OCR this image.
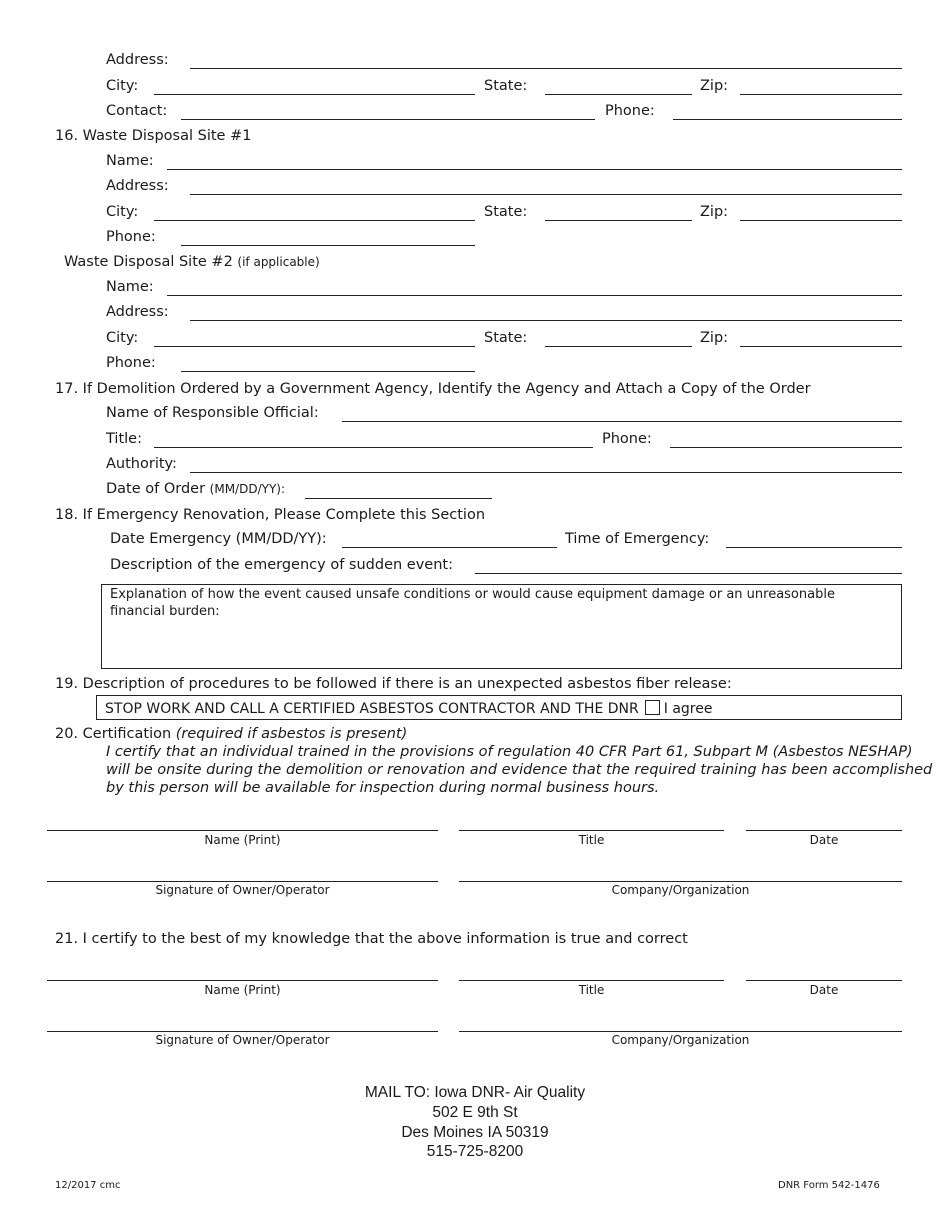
Address:
City:	State:	Zip:
Contact:	Phone:
16. Waste Disposal Site #1
Name:
Address:
City:	State:	Zip:
Phone:
Waste Disposal Site #2 (if applicable)
Name:
Address:
City:	State:	Zip:
Phone:
17. If Demolition Ordered by a Government Agency, Identify the Agency and Attach a Copy of the Order
Name of Responsible Official:
Title:	Phone:
Authority:
Date of Order (MM/DD/YY):
18. If Emergency Renovation, Please Complete this Section
Date Emergency (MM/DD/YY):	Time of Emergency:
Description of the emergency of sudden event:
Explanation of how the event caused unsafe conditions or would cause equipment damage or an unreasonable
financial burden:
19. Description of procedures to be followed if there is an unexpected asbestos fiber release:
STOP WORK AND CALL A CERTIFIED ASBESTOS CONTRACTOR AND THE DNR I agree
20. Certification (required if asbestos is present)
I certify that an individual trained in the provisions of regulation 40 CFR Part 61, Subpart M (Asbestos NESHAP)
will be onsite during the demolition or renovation and evidence that the required training has been accomplished
by this person will be available for inspection during normal business hours.
Name (Print)	Title	Date
Signature of Owner/Operator	Company/Organization
21. I certify to the best of my knowledge that the above information is true and correct
Name (Print)	Title	Date
Signature of Owner/Operator	Company/Organization
MAIL TO: Iowa DNR- Air Quality
502 E 9th St
Des Moines IA 50319
515-725-8200
12/2017 cmc	DNR Form 542-1476
